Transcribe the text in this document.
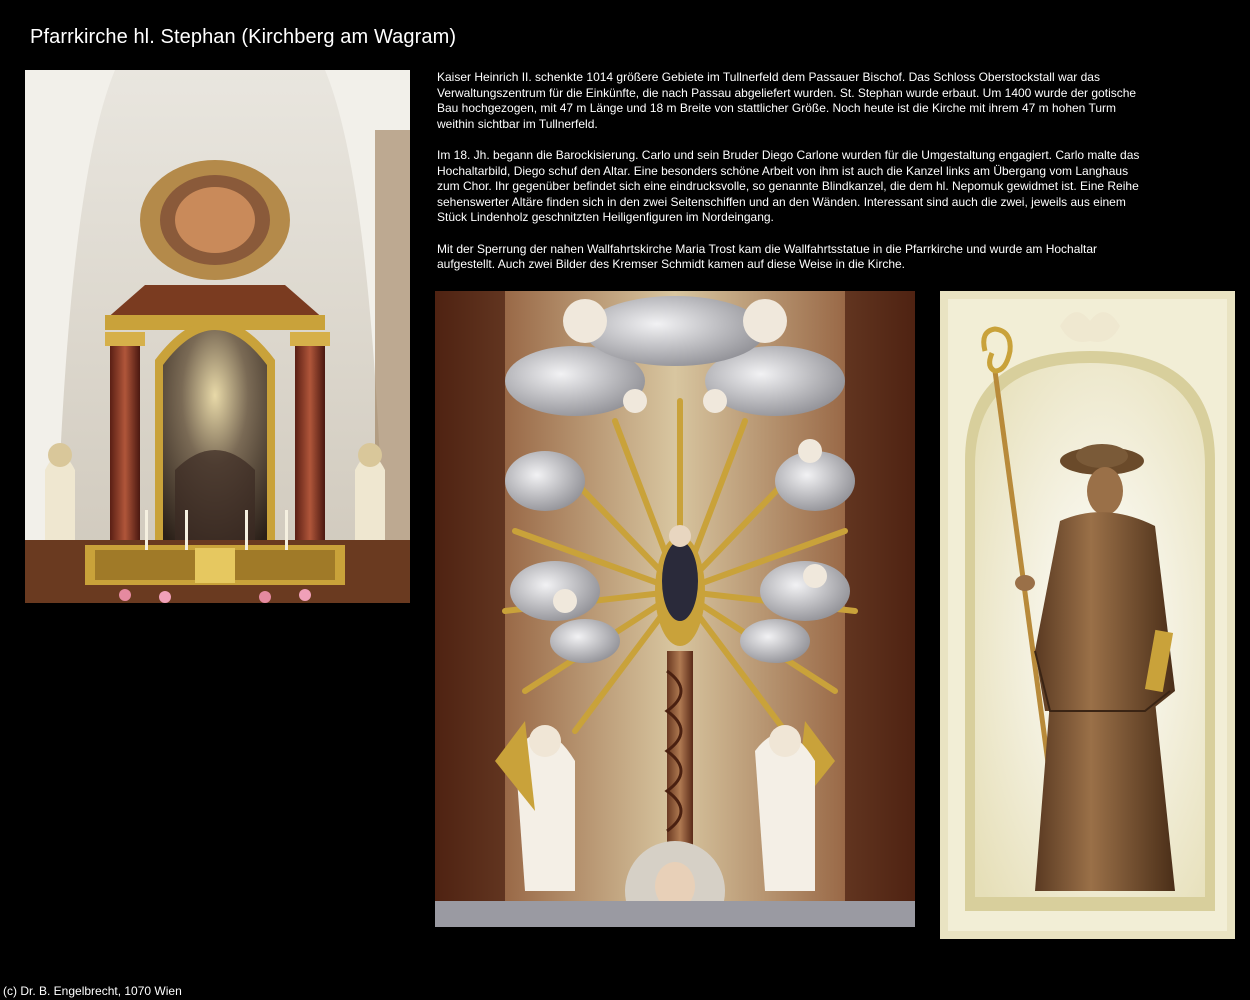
Pfarrkirche hl. Stephan (Kirchberg am Wagram)

Kaiser Heinrich II. schenkte 1014 größere Gebiete im Tullnerfeld dem Passauer Bischof. Das Schloss Oberstockstall war das Verwaltungszentrum für die Einkünfte, die nach Passau abgeliefert wurden. St. Stephan wurde erbaut. Um 1400 wurde der gotische Bau hochgezogen, mit 47 m Länge und 18 m Breite von stattlicher Größe. Noch heute ist die Kirche mit ihrem 47 m hohen Turm weithin sichtbar im Tullnerfeld.

Im 18. Jh. begann die Barockisierung. Carlo und sein Bruder Diego Carlone wurden für die Umgestaltung engagiert. Carlo malte das Hochaltarbild, Diego schuf den Altar. Eine besonders schöne Arbeit von ihm ist auch die Kanzel links am Übergang vom Langhaus zum Chor. Ihr gegenüber befindet sich eine eindrucksvolle, so genannte Blindkanzel, die dem hl. Nepomuk gewidmet ist. Eine Reihe sehenswerter Altäre finden sich in den zwei Seitenschiffen und an den Wänden. Interessant sind auch die zwei, jeweils aus einem Stück Lindenholz geschnitzten Heiligenfiguren im Nordeingang.

Mit der Sperrung der nahen Wallfahrtskirche Maria Trost kam die Wallfahrtsstatue in die Pfarrkirche und wurde am Hochaltar aufgestellt. Auch zwei Bilder des Kremser Schmidt kamen auf diese Weise in die Kirche.

(c) Dr. B. Engelbrecht, 1070 Wien
